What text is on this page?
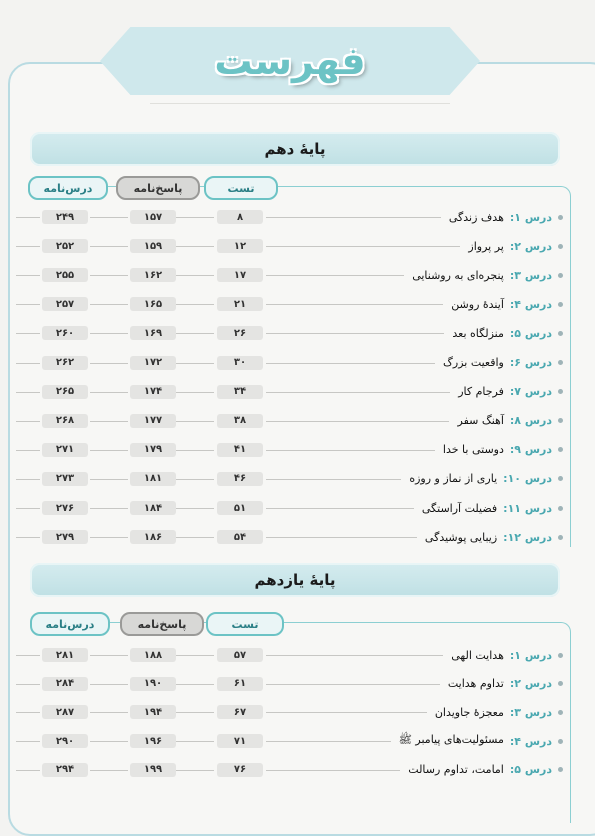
فهرست
پایهٔ دهم
تست
پاسخ‌نامه
درس‌نامه
درس ۱:
هدف زندگی
۸
۱۵۷
۲۴۹
درس ۲:
پر پرواز
۱۲
۱۵۹
۲۵۲
درس ۳:
پنجره‌ای به روشنایی
۱۷
۱۶۲
۲۵۵
درس ۴:
آیندهٔ روشن
۲۱
۱۶۵
۲۵۷
درس ۵:
منزلگاه بعد
۲۶
۱۶۹
۲۶۰
درس ۶:
واقعیت بزرگ
۳۰
۱۷۲
۲۶۲
درس ۷:
فرجام کار
۳۴
۱۷۴
۲۶۵
درس ۸:
آهنگ سفر
۳۸
۱۷۷
۲۶۸
درس ۹:
دوستی با خدا
۴۱
۱۷۹
۲۷۱
درس ۱۰:
یاری از نماز و روزه
۴۶
۱۸۱
۲۷۳
درس ۱۱:
فضیلت آراستگی
۵۱
۱۸۴
۲۷۶
درس ۱۲:
زیبایی پوشیدگی
۵۴
۱۸۶
۲۷۹
پایهٔ یازدهم
تست
پاسخ‌نامه
درس‌نامه
درس ۱:
هدایت الهی
۵۷
۱۸۸
۲۸۱
درس ۲:
تداوم هدایت
۶۱
۱۹۰
۲۸۴
درس ۳:
معجزهٔ جاویدان
۶۷
۱۹۴
۲۸۷
درس ۴:
مسئولیت‌های پیامبر ﷺ
۷۱
۱۹۶
۲۹۰
درس ۵:
امامت، تداوم رسالت
۷۶
۱۹۹
۲۹۴
